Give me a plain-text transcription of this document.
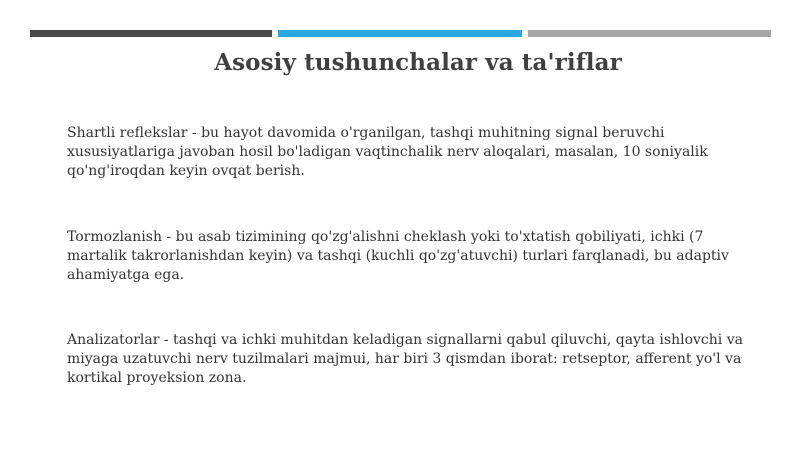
Asosiy tushunchalar va ta'riflar

Shartli reflekslar - bu hayot davomida o'rganilgan, tashqi muhitning signal beruvchi xususiyatlariga javoban hosil bo'ladigan vaqtinchalik nerv aloqalari, masalan, 10 soniyalik qo'ng'iroqdan keyin ovqat berish.

Tormozlanish - bu asab tizimining qo'zg'alishni cheklash yoki to'xtatish qobiliyati, ichki (7 martalik takrorlanishdan keyin) va tashqi (kuchli qo'zg'atuvchi) turlari farqlanadi, bu adaptiv ahamiyatga ega.

Analizatorlar - tashqi va ichki muhitdan keladigan signallarni qabul qiluvchi, qayta ishlovchi va miyaga uzatuvchi nerv tuzilmalari majmui, har biri 3 qismdan iborat: retseptor, afferent yo'l va kortikal proyeksion zona.
